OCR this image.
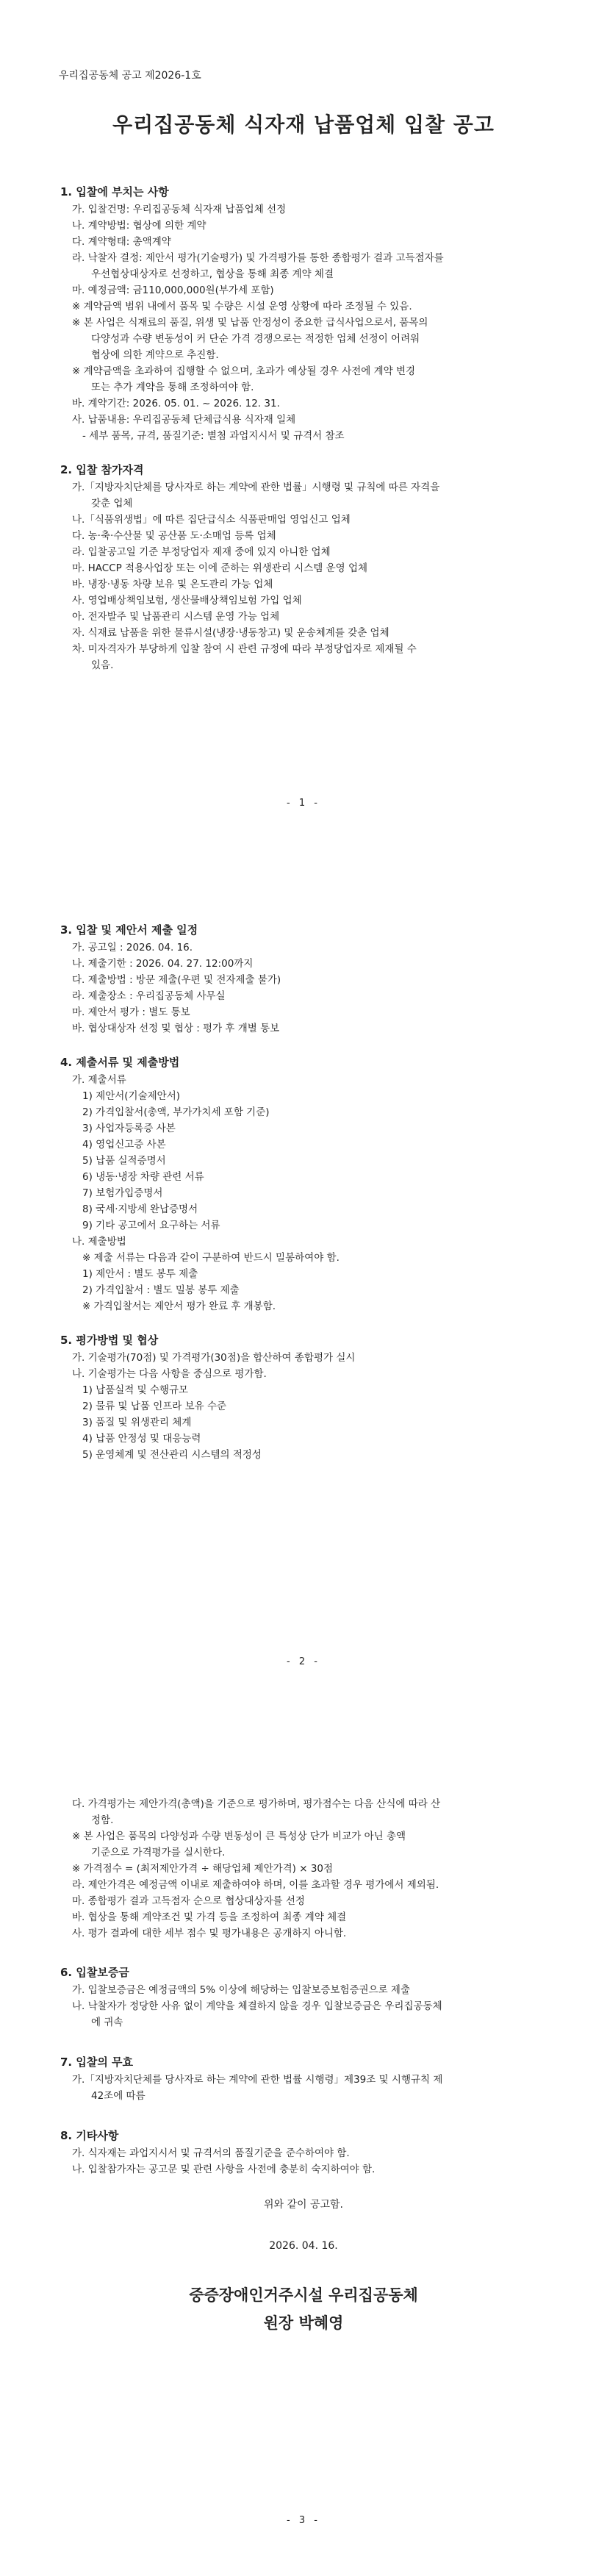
우리집공동체 공고 제2026-1호
우리집공동체 식자재 납품업체 입찰 공고
1. 입찰에 부치는 사항
가. 입찰건명: 우리집공동체 식자재 납품업체 선정
나. 계약방법: 협상에 의한 계약
다. 계약형태: 총액계약
라. 낙찰자 결정: 제안서 평가(기술평가) 및 가격평가를 통한 종합평가 결과 고득점자를
우선협상대상자로 선정하고, 협상을 통해 최종 계약 체결
마. 예정금액: 금110,000,000원(부가세 포함)
※ 계약금액 범위 내에서 품목 및 수량은 시설 운영 상황에 따라 조정될 수 있음.
※ 본 사업은 식재료의 품질, 위생 및 납품 안정성이 중요한 급식사업으로서, 품목의
다양성과 수량 변동성이 커 단순 가격 경쟁으로는 적정한 업체 선정이 어려워
협상에 의한 계약으로 추진함.
※ 계약금액을 초과하여 집행할 수 없으며, 초과가 예상될 경우 사전에 계약 변경
또는 추가 계약을 통해 조정하여야 함.
바. 계약기간: 2026. 05. 01. ~ 2026. 12. 31.
사. 납품내용: 우리집공동체 단체급식용 식자재 일체
- 세부 품목, 규격, 품질기준: 별첨 과업지시서 및 규격서 참조
2. 입찰 참가자격
가.「지방자치단체를 당사자로 하는 계약에 관한 법률」시행령 및 규칙에 따른 자격을
갖춘 업체
나.「식품위생법」에 따른 집단급식소 식품판매업 영업신고 업체
다. 농·축·수산물 및 공산품 도·소매업 등록 업체
라. 입찰공고일 기준 부정당업자 제재 중에 있지 아니한 업체
마. HACCP 적용사업장 또는 이에 준하는 위생관리 시스템 운영 업체
바. 냉장·냉동 차량 보유 및 온도관리 가능 업체
사. 영업배상책임보험, 생산물배상책임보험 가입 업체
아. 전자발주 및 납품관리 시스템 운영 가능 업체
자. 식재료 납품을 위한 물류시설(냉장·냉동창고) 및 운송체계를 갖춘 업체
차. 미자격자가 부당하게 입찰 참여 시 관련 규정에 따라 부정당업자로 제재될 수
있음.
- 1 -
3. 입찰 및 제안서 제출 일정
가. 공고일 : 2026. 04. 16.
나. 제출기한 : 2026. 04. 27. 12:00까지
다. 제출방법 : 방문 제출(우편 및 전자제출 불가)
라. 제출장소 : 우리집공동체 사무실
마. 제안서 평가 : 별도 통보
바. 협상대상자 선정 및 협상 : 평가 후 개별 통보
4. 제출서류 및 제출방법
가. 제출서류
1) 제안서(기술제안서)
2) 가격입찰서(총액, 부가가치세 포함 기준)
3) 사업자등록증 사본
4) 영업신고증 사본
5) 납품 실적증명서
6) 냉동·냉장 차량 관련 서류
7) 보험가입증명서
8) 국세·지방세 완납증명서
9) 기타 공고에서 요구하는 서류
나. 제출방법
※ 제출 서류는 다음과 같이 구분하여 반드시 밀봉하여야 함.
1) 제안서 : 별도 봉투 제출
2) 가격입찰서 : 별도 밀봉 봉투 제출
※ 가격입찰서는 제안서 평가 완료 후 개봉함.
5. 평가방법 및 협상
가. 기술평가(70점) 및 가격평가(30점)을 합산하여 종합평가 실시
나. 기술평가는 다음 사항을 중심으로 평가함.
1) 납품실적 및 수행규모
2) 물류 및 납품 인프라 보유 수준
3) 품질 및 위생관리 체계
4) 납품 안정성 및 대응능력
5) 운영체계 및 전산관리 시스템의 적정성
- 2 -
다. 가격평가는 제안가격(총액)을 기준으로 평가하며, 평가점수는 다음 산식에 따라 산
정함.
※ 본 사업은 품목의 다양성과 수량 변동성이 큰 특성상 단가 비교가 아닌 총액
기준으로 가격평가를 실시한다.
※ 가격점수 = (최저제안가격 ÷ 해당업체 제안가격) × 30점
라. 제안가격은 예정금액 이내로 제출하여야 하며, 이를 초과할 경우 평가에서 제외됨.
마. 종합평가 결과 고득점자 순으로 협상대상자를 선정
바. 협상을 통해 계약조건 및 가격 등을 조정하여 최종 계약 체결
사. 평가 결과에 대한 세부 점수 및 평가내용은 공개하지 아니함.
6. 입찰보증금
가. 입찰보증금은 예정금액의 5% 이상에 해당하는 입찰보증보험증권으로 제출
나. 낙찰자가 정당한 사유 없이 계약을 체결하지 않을 경우 입찰보증금은 우리집공동체
에 귀속
7. 입찰의 무효
가.「지방자치단체를 당사자로 하는 계약에 관한 법률 시행령」제39조 및 시행규칙 제
42조에 따름
8. 기타사항
가. 식자재는 과업지시서 및 규격서의 품질기준을 준수하여야 함.
나. 입찰참가자는 공고문 및 관련 사항을 사전에 충분히 숙지하여야 함.
위와 같이 공고함.
2026. 04. 16.
중증장애인거주시설 우리집공동체
원장 박혜영
- 3 -
